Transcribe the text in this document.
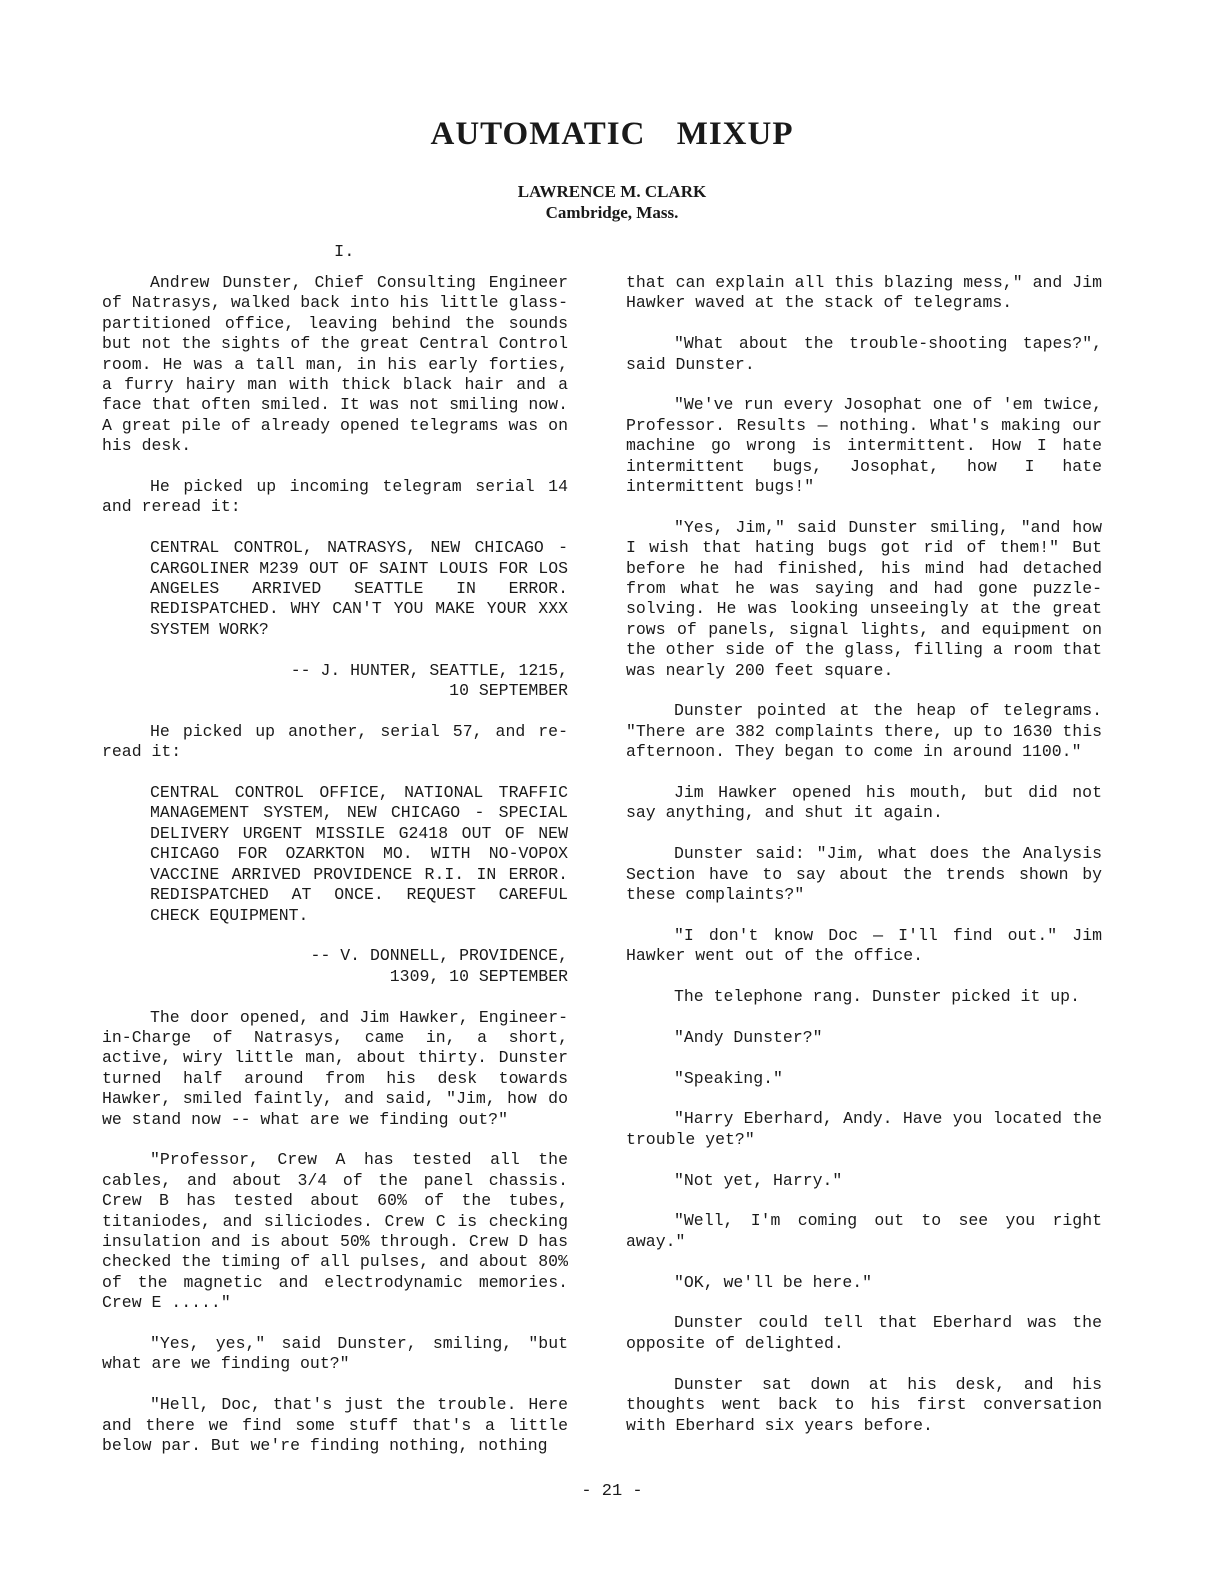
AUTOMATIC MIXUP
LAWRENCE M. CLARK
Cambridge, Mass.
I.
Andrew Dunster, Chief Consulting Engineer of Natrasys, walked back into his little glass-partitioned office, leaving behind the sounds but not the sights of the great Central Control room. He was a tall man, in his early forties, a furry hairy man with thick black hair and a face that often smiled. It was not smiling now. A great pile of already opened telegrams was on his desk.
He picked up incoming telegram serial 14 and reread it:
CENTRAL CONTROL, NATRASYS, NEW CHICAGO - CARGOLINER M239 OUT OF SAINT LOUIS FOR LOS ANGELES ARRIVED SEATTLE IN ERROR. REDISPATCHED. WHY CAN'T YOU MAKE YOUR XXX SYSTEM WORK?
-- J. HUNTER, SEATTLE, 1215,
10 SEPTEMBER
He picked up another, serial 57, and re-read it:
CENTRAL CONTROL OFFICE, NATIONAL TRAFFIC MANAGEMENT SYSTEM, NEW CHICAGO - SPECIAL DELIVERY URGENT MISSILE G2418 OUT OF NEW CHICAGO FOR OZARKTON MO. WITH NO-VOPOX VACCINE ARRIVED PROVIDENCE R.I. IN ERROR. REDISPATCHED AT ONCE. REQUEST CAREFUL CHECK EQUIPMENT.
-- V. DONNELL, PROVIDENCE,
1309, 10 SEPTEMBER
The door opened, and Jim Hawker, Engineer-in-Charge of Natrasys, came in, a short, active, wiry little man, about thirty. Dunster turned half around from his desk towards Hawker, smiled faintly, and said, "Jim, how do we stand now -- what are we finding out?"
"Professor, Crew A has tested all the cables, and about 3/4 of the panel chassis. Crew B has tested about 60% of the tubes, titaniodes, and siliciodes. Crew C is checking insulation and is about 50% through. Crew D has checked the timing of all pulses, and about 80% of the magnetic and electrodynamic memories. Crew E ....."
"Yes, yes," said Dunster, smiling, "but what are we finding out?"
"Hell, Doc, that's just the trouble. Here and there we find some stuff that's a little below par. But we're finding nothing, nothing
that can explain all this blazing mess," and Jim Hawker waved at the stack of telegrams.
"What about the trouble-shooting tapes?", said Dunster.
"We've run every Josophat one of 'em twice, Professor. Results — nothing. What's making our machine go wrong is intermittent. How I hate intermittent bugs, Josophat, how I hate intermittent bugs!"
"Yes, Jim," said Dunster smiling, "and how I wish that hating bugs got rid of them!" But before he had finished, his mind had detached from what he was saying and had gone puzzle-solving. He was looking unseeingly at the great rows of panels, signal lights, and equipment on the other side of the glass, filling a room that was nearly 200 feet square.
Dunster pointed at the heap of telegrams. "There are 382 complaints there, up to 1630 this afternoon. They began to come in around 1100."
Jim Hawker opened his mouth, but did not say anything, and shut it again.
Dunster said: "Jim, what does the Analysis Section have to say about the trends shown by these complaints?"
"I don't know Doc — I'll find out." Jim Hawker went out of the office.
The telephone rang. Dunster picked it up.
"Andy Dunster?"
"Speaking."
"Harry Eberhard, Andy. Have you located the trouble yet?"
"Not yet, Harry."
"Well, I'm coming out to see you right away."
"OK, we'll be here."
Dunster could tell that Eberhard was the opposite of delighted.
Dunster sat down at his desk, and his thoughts went back to his first conversation with Eberhard six years before.
- 21 -
